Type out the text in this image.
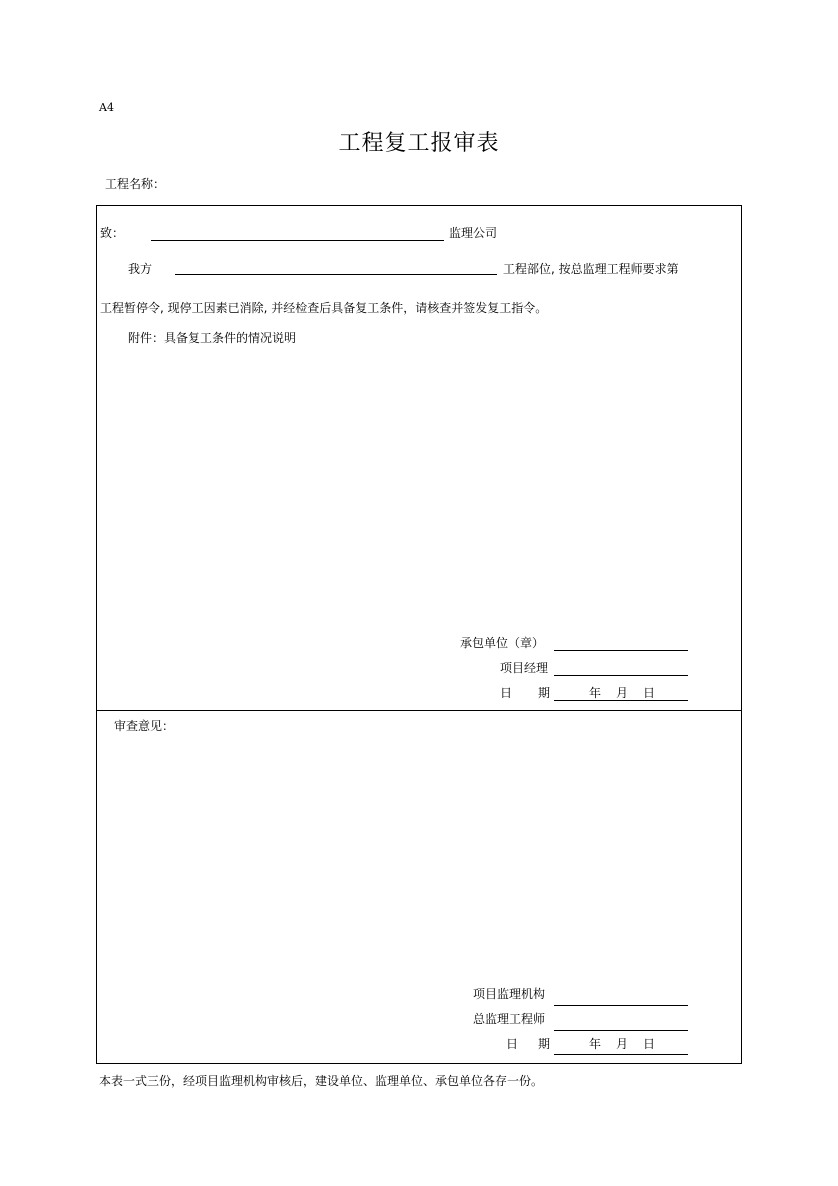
A4
工程复工报审表
工程名称：
致：	监理公司
我方	工程部位, 按总监理工程师要求第
工程暂停令, 现停工因素已消除, 并经检查后具备复工条件，请核查并签发复工指令。
附件：具备复工条件的情况说明
承包单位（章）
项目经理
日 期	年 月 日
审查意见：
项目监理机构
总监理工程师
日 期	年 月 日
本表一式三份，经项目监理机构审核后，建设单位、监理单位、承包单位各存一份。
